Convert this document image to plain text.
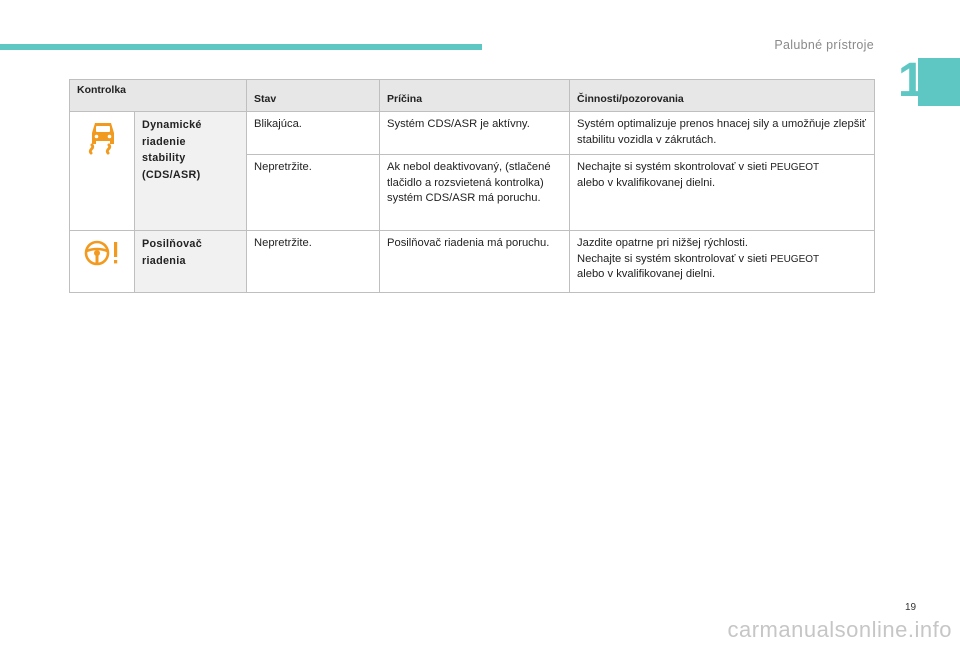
Palubné prístroje
1
Kontrolka		Stav	Príčina	Činnosti/pozorovania
	Dynamické
riadenie
stability
(CDS/ASR)	Blikajúca.	Systém CDS/ASR je aktívny.	Systém optimalizuje prenos hnacej sily a umožňuje zlepšiť stabilitu vozidla v zákrutách.
		Nepretržite.	Ak nebol deaktivovaný, (stlačené tlačidlo a rozsvietená kontrolka) systém CDS/ASR má poruchu.	Nechajte si systém skontrolovať v sieti PEUGEOT
alebo v kvalifikovanej dielni.
	Posilňovač
riadenia	Nepretržite.	Posilňovač riadenia má poruchu.	Jazdite opatrne pri nižšej rýchlosti.
Nechajte si systém skontrolovať v sieti PEUGEOT
alebo v kvalifikovanej dielni.
19
carmanualsonline.info
